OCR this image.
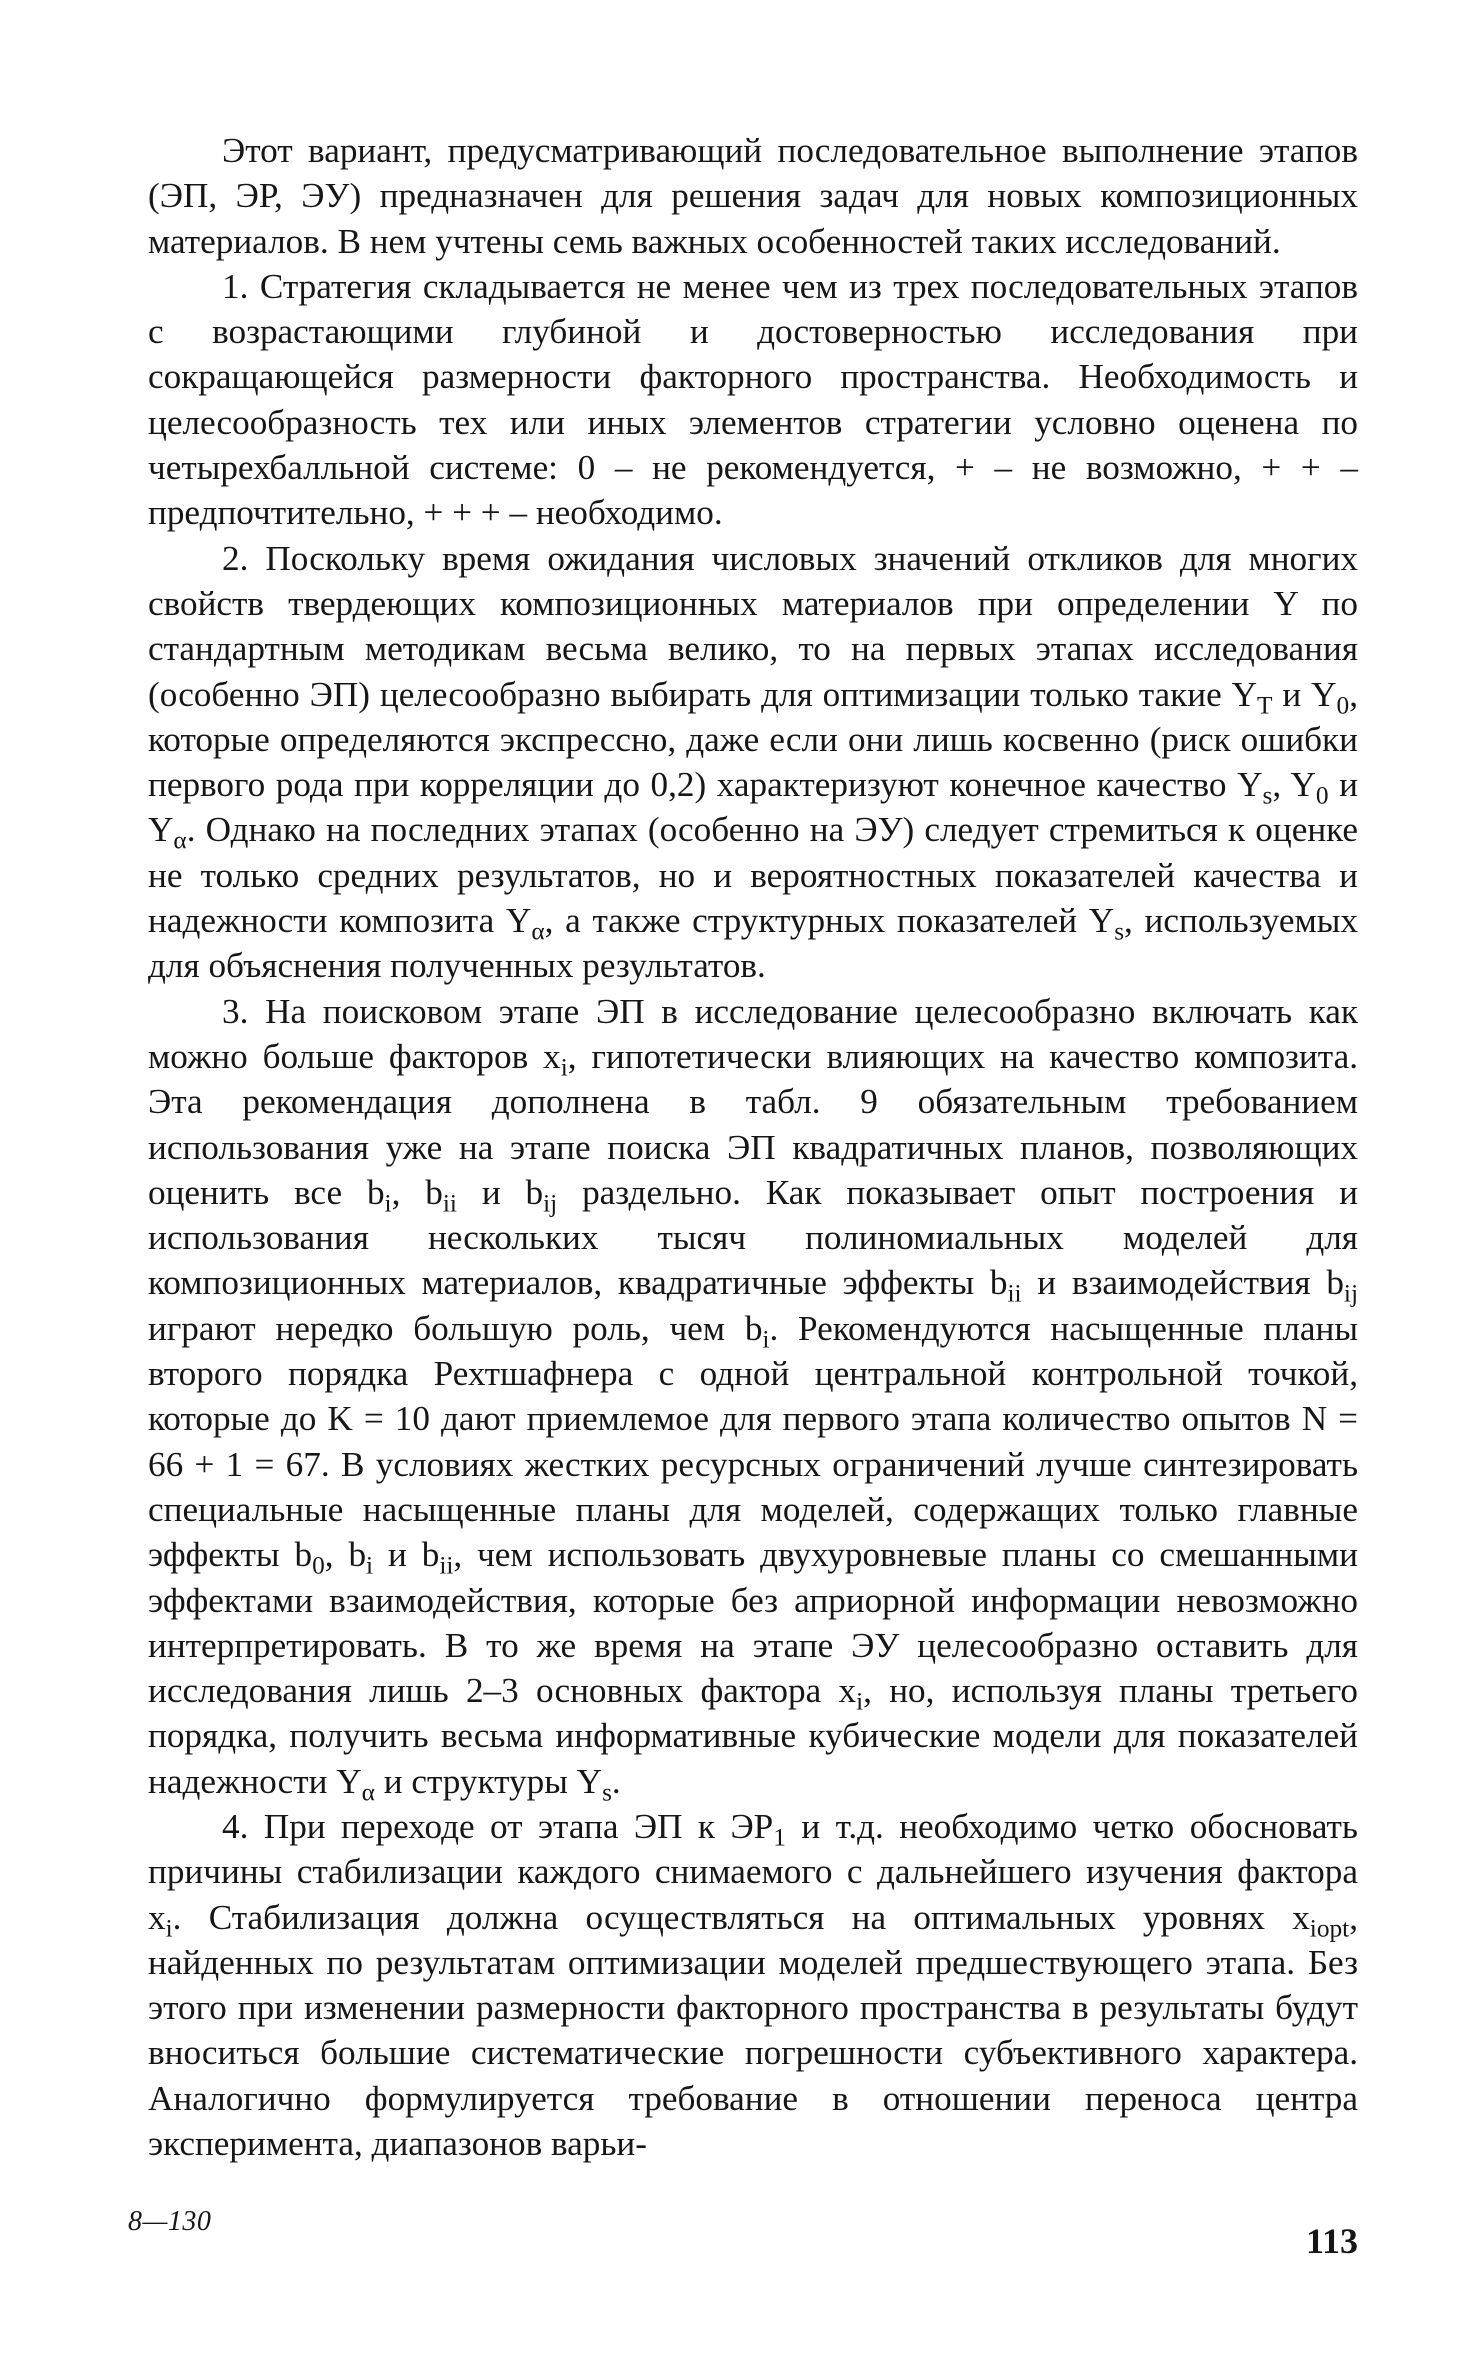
Этот вариант, предусматривающий последовательное выполнение этапов (ЭП, ЭР, ЭУ) предназначен для решения задач для новых композиционных материалов. В нем учтены семь важных особенностей таких исследований.

1. Стратегия складывается не менее чем из трех последовательных этапов с возрастающими глубиной и достоверностью исследования при сокращающейся размерности факторного пространства. Необходимость и целесообразность тех или иных элементов стратегии условно оценена по четырехбалльной системе: 0 – не рекомендуется, + – не возможно, + + – предпочтительно, + + + – необходимо.

2. Поскольку время ожидания числовых значений откликов для многих свойств твердеющих композиционных материалов при определении Y по стандартным методикам весьма велико, то на первых этапах исследования (особенно ЭП) целесообразно выбирать для оптимизации только такие $Y_T$ и $Y_0$, которые определяются экспрессно, даже если они лишь косвенно (риск ошибки первого рода при корреляции до 0,2) характеризуют конечное качество $Y_s$, $Y_0$ и $Y_\alpha$. Однако на последних этапах (особенно на ЭУ) следует стремиться к оценке не только средних результатов, но и вероятностных показателей качества и надежности композита $Y_\alpha$, а также структурных показателей $Y_s$, используемых для объяснения полученных результатов.

3. На поисковом этапе ЭП в исследование целесообразно включать как можно больше факторов $x_i$, гипотетически влияющих на качество композита. Эта рекомендация дополнена в табл. 9 обязательным требованием использования уже на этапе поиска ЭП квадратичных планов, позволяющих оценить все $b_i$, $b_{ii}$ и $b_{ij}$ раздельно. Как показывает опыт построения и использования нескольких тысяч полиномиальных моделей для композиционных материалов, квадратичные эффекты $b_{ii}$ и взаимодействия $b_{ij}$ играют нередко большую роль, чем $b_i$. Рекомендуются насыщенные планы второго порядка Рехтшафнера с одной центральной контрольной точкой, которые до K = 10 дают приемлемое для первого этапа количество опытов N = 66 + 1 = 67. В условиях жестких ресурсных ограничений лучше синтезировать специальные насыщенные планы для моделей, содержащих только главные эффекты $b_0$, $b_i$ и $b_{ii}$, чем использовать двухуровневые планы со смешанными эффектами взаимодействия, которые без априорной информации невозможно интерпретировать. В то же время на этапе ЭУ целесообразно оставить для исследования лишь 2–3 основных фактора $x_i$, но, используя планы третьего порядка, получить весьма информативные кубические модели для показателей надежности $Y_\alpha$ и структуры $Y_s$.

4. При переходе от этапа ЭП к $ЭР_1$ и т.д. необходимо четко обосновать причины стабилизации каждого снимаемого с дальнейшего изучения фактора $x_i$. Стабилизация должна осуществляться на оптимальных уровнях $x_{iopt}$, найденных по результатам оптимизации моделей предшествующего этапа. Без этого при изменении размерности факторного пространства в результаты будут вноситься большие систематические погрешности субъективного характера. Аналогично формулируется требование в отношении переноса центра эксперимента, диапазонов варьи-

8—130	113
